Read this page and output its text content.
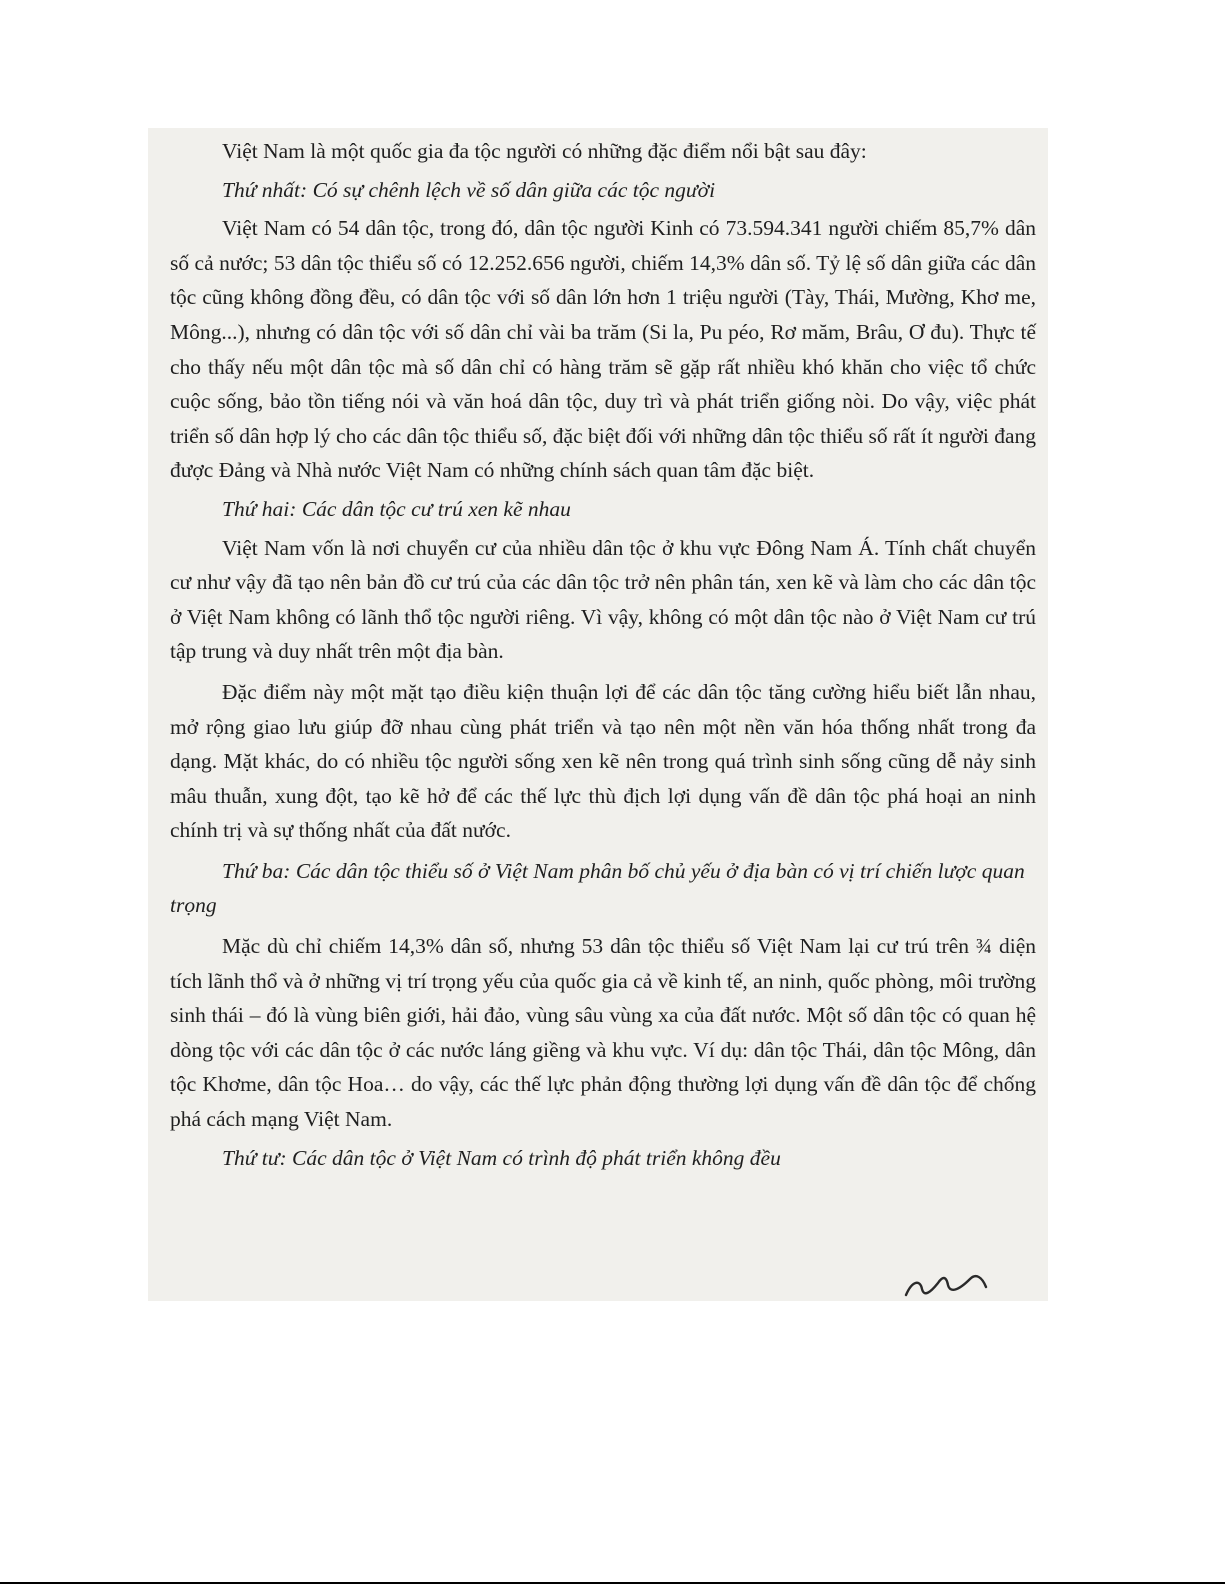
Việt Nam là một quốc gia đa tộc người có những đặc điểm nổi bật sau đây:

Thứ nhất: Có sự chênh lệch về số dân giữa các tộc người

Việt Nam có 54 dân tộc, trong đó, dân tộc người Kinh có 73.594.341 người chiếm 85,7% dân số cả nước; 53 dân tộc thiểu số có 12.252.656 người, chiếm 14,3% dân số. Tỷ lệ số dân giữa các dân tộc cũng không đồng đều, có dân tộc với số dân lớn hơn 1 triệu người (Tày, Thái, Mường, Khơ me, Mông...), nhưng có dân tộc với số dân chỉ vài ba trăm (Si la, Pu péo, Rơ măm, Brâu, Ơ đu). Thực tế cho thấy nếu một dân tộc mà số dân chỉ có hàng trăm sẽ gặp rất nhiều khó khăn cho việc tổ chức cuộc sống, bảo tồn tiếng nói và văn hoá dân tộc, duy trì và phát triển giống nòi. Do vậy, việc phát triển số dân hợp lý cho các dân tộc thiểu số, đặc biệt đối với những dân tộc thiểu số rất ít người đang được Đảng và Nhà nước Việt Nam có những chính sách quan tâm đặc biệt.

Thứ hai: Các dân tộc cư trú xen kẽ nhau

Việt Nam vốn là nơi chuyển cư của nhiều dân tộc ở khu vực Đông Nam Á. Tính chất chuyển cư như vậy đã tạo nên bản đồ cư trú của các dân tộc trở nên phân tán, xen kẽ và làm cho các dân tộc ở Việt Nam không có lãnh thổ tộc người riêng. Vì vậy, không có một dân tộc nào ở Việt Nam cư trú tập trung và duy nhất trên một địa bàn.

Đặc điểm này một mặt tạo điều kiện thuận lợi để các dân tộc tăng cường hiểu biết lẫn nhau, mở rộng giao lưu giúp đỡ nhau cùng phát triển và tạo nên một nền văn hóa thống nhất trong đa dạng. Mặt khác, do có nhiều tộc người sống xen kẽ nên trong quá trình sinh sống cũng dễ nảy sinh mâu thuẫn, xung đột, tạo kẽ hở để các thế lực thù địch lợi dụng vấn đề dân tộc phá hoại an ninh chính trị và sự thống nhất của đất nước.

Thứ ba: Các dân tộc thiểu số ở Việt Nam phân bố chủ yếu ở địa bàn có vị trí chiến lược quan trọng

Mặc dù chỉ chiếm 14,3% dân số, nhưng 53 dân tộc thiểu số Việt Nam lại cư trú trên ¾ diện tích lãnh thổ và ở những vị trí trọng yếu của quốc gia cả về kinh tế, an ninh, quốc phòng, môi trường sinh thái – đó là vùng biên giới, hải đảo, vùng sâu vùng xa của đất nước. Một số dân tộc có quan hệ dòng tộc với các dân tộc ở các nước láng giềng và khu vực. Ví dụ: dân tộc Thái, dân tộc Mông, dân tộc Khơme, dân tộc Hoa… do vậy, các thế lực phản động thường lợi dụng vấn đề dân tộc để chống phá cách mạng Việt Nam.

Thứ tư: Các dân tộc ở Việt Nam có trình độ phát triển không đều
